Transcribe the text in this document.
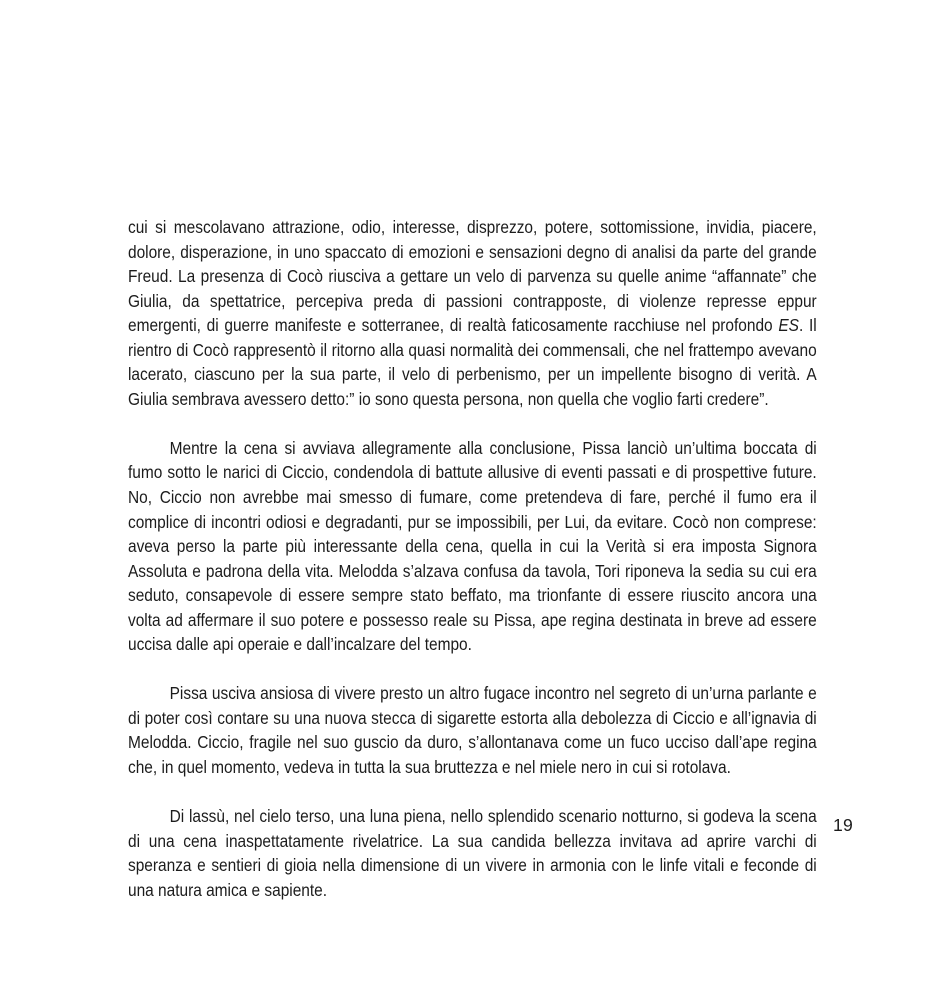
cui si mescolavano attrazione, odio, interesse, disprezzo, potere, sottomissione, invidia, piacere, dolore, disperazione, in uno spaccato di emozioni e sensazioni degno di analisi da parte del grande Freud. La presenza di Cocò riusciva a gettare un velo di parvenza su quelle anime “affannate” che Giulia, da spettatrice, percepiva preda di passioni contrapposte, di violenze represse eppur emergenti, di guerre manifeste e sotterranee, di realtà faticosamente racchiuse nel profondo ES. Il rientro di Cocò rappresentò il ritorno alla quasi normalità dei commensali, che nel frattempo avevano lacerato, ciascuno per la sua parte, il velo di perbenismo, per un impellente bisogno di verità. A Giulia sembrava avessero detto:” io sono questa persona, non quella che voglio farti credere”.

Mentre la cena si avviava allegramente alla conclusione, Pissa lanciò un’ultima boccata di fumo sotto le narici di Ciccio, condendola di battute allusive di eventi passati e di prospettive future. No, Ciccio non avrebbe mai smesso di fumare, come pretendeva di fare, perché il fumo era il complice di incontri odiosi e degradanti, pur se impossibili, per Lui, da evitare. Cocò non comprese: aveva perso la parte più interessante della cena, quella in cui la Verità si era imposta Signora Assoluta e padrona della vita. Melodda s’alzava confusa da tavola, Tori riponeva la sedia su cui era seduto, consapevole di essere sempre stato beffato, ma trionfante di essere riuscito ancora una volta ad affermare il suo potere e possesso reale su Pissa, ape regina destinata in breve ad essere uccisa dalle api operaie e dall’incalzare del tempo.

Pissa usciva ansiosa di vivere presto un altro fugace incontro nel segreto di un’urna parlante e di poter così contare su una nuova stecca di sigarette estorta alla debolezza di Ciccio e all’ignavia di Melodda. Ciccio, fragile nel suo guscio da duro, s’allontanava come un fuco ucciso dall’ape regina che, in quel momento, vedeva in tutta la sua bruttezza e nel miele nero in cui si rotolava.

Di lassù, nel cielo terso, una luna piena, nello splendido scenario notturno, si godeva la scena di una cena inaspettatamente rivelatrice. La sua candida bellezza invitava ad aprire varchi di speranza e sentieri di gioia nella dimensione di un vivere in armonia con le linfe vitali e feconde di una natura amica e sapiente.

19
